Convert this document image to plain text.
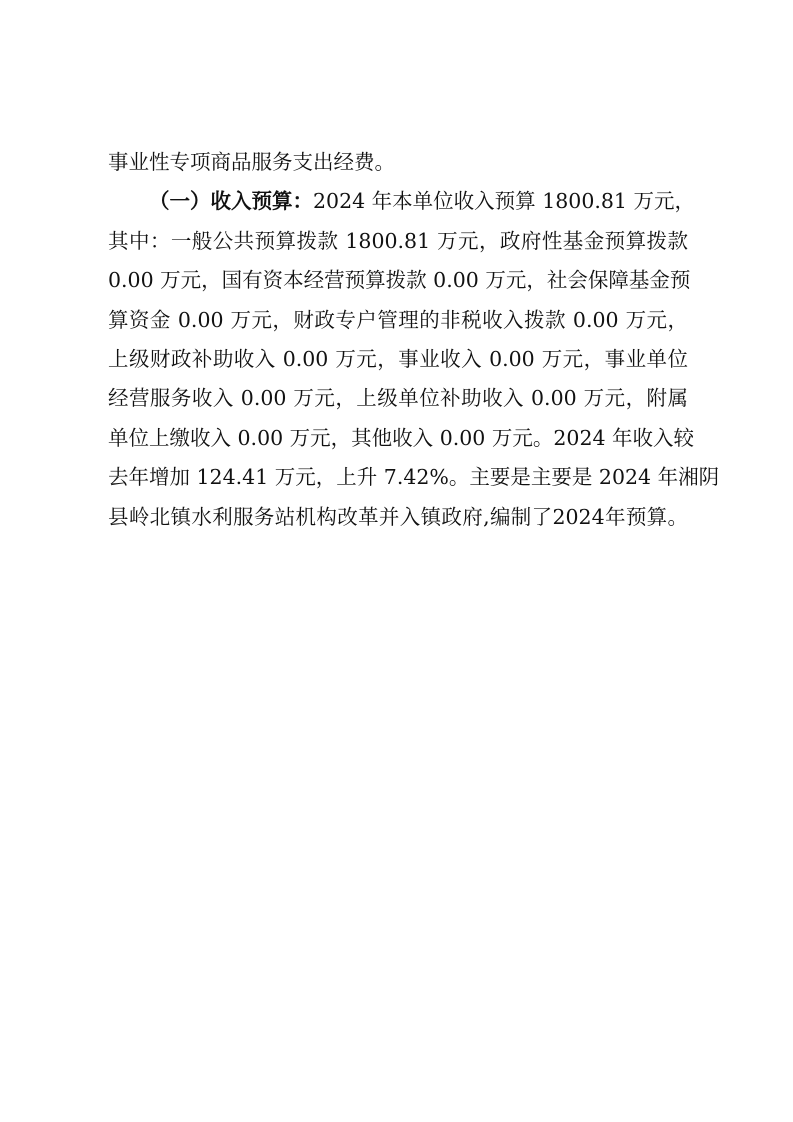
事业性专项商品服务支出经费。
（一）收入预算：2024 年本单位收入预算 1800.81 万元，
其中：一般公共预算拨款 1800.81 万元，政府性基金预算拨款
0.00 万元，国有资本经营预算拨款 0.00 万元，社会保障基金预
算资金 0.00 万元，财政专户管理的非税收入拨款 0.00 万元，
上级财政补助收入 0.00 万元，事业收入 0.00 万元，事业单位
经营服务收入 0.00 万元，上级单位补助收入 0.00 万元，附属
单位上缴收入 0.00 万元，其他收入 0.00 万元。2024 年收入较
去年增加 124.41 万元，上升 7.42%。主要是主要是 2024 年湘阴
县岭北镇水利服务站机构改革并入镇政府,编制了2024年预算。
